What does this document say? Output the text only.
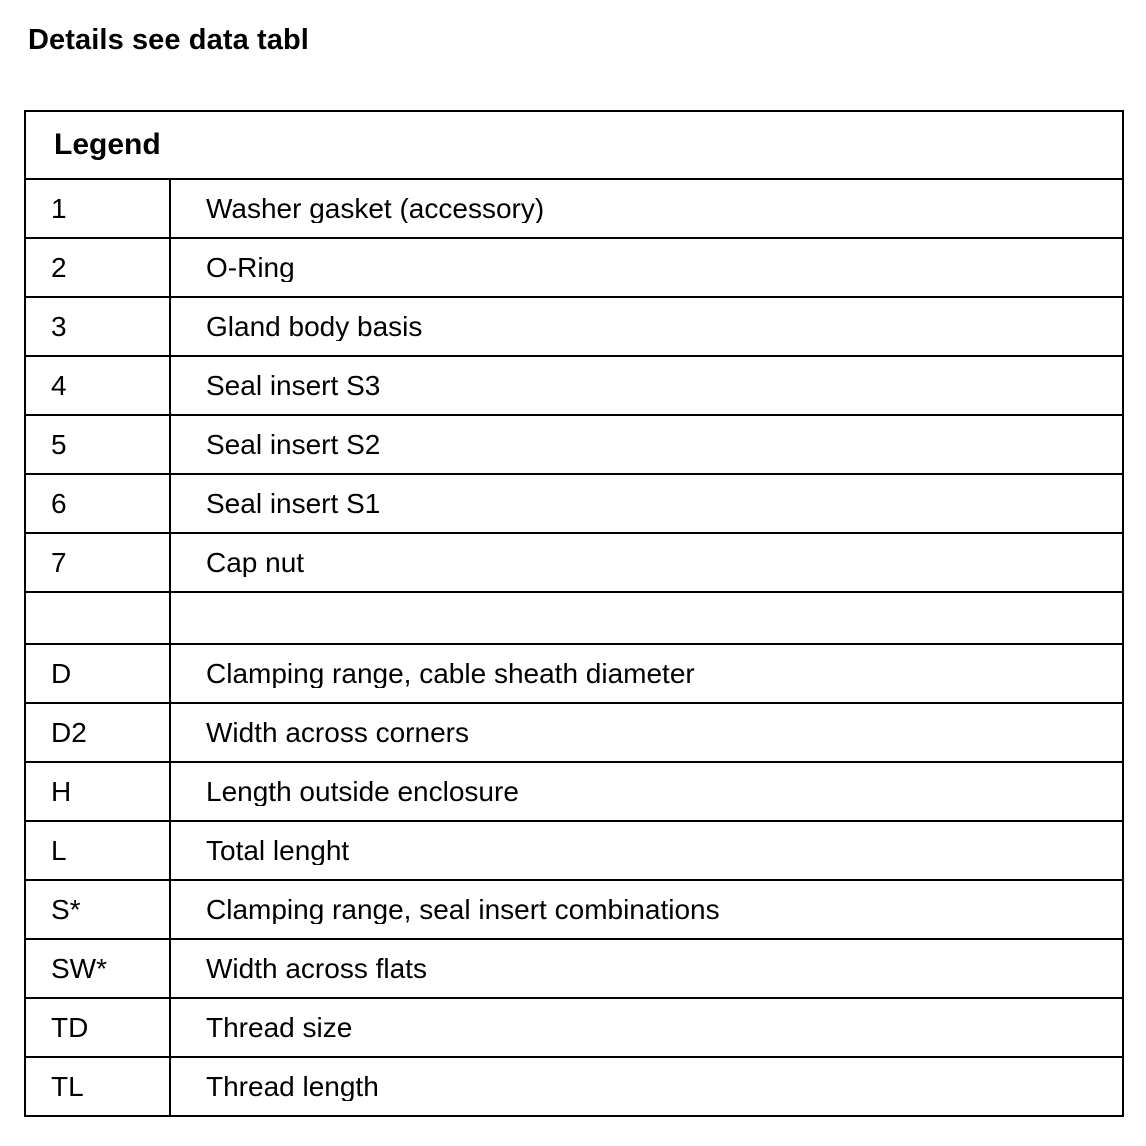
Details see data tabl
Legend	

1	Washer gasket (accessory)

2	O-Ring

3	Gland body basis

4	Seal insert S3

5	Seal insert S2

6	Seal insert S1

7	Cap nut

D	Clamping range, cable sheath diameter

D2	Width across corners

H	Length outside enclosure

L	Total lenght

S*	Clamping range, seal insert combinations

SW*	Width across flats

TD	Thread size

TL	Thread length
